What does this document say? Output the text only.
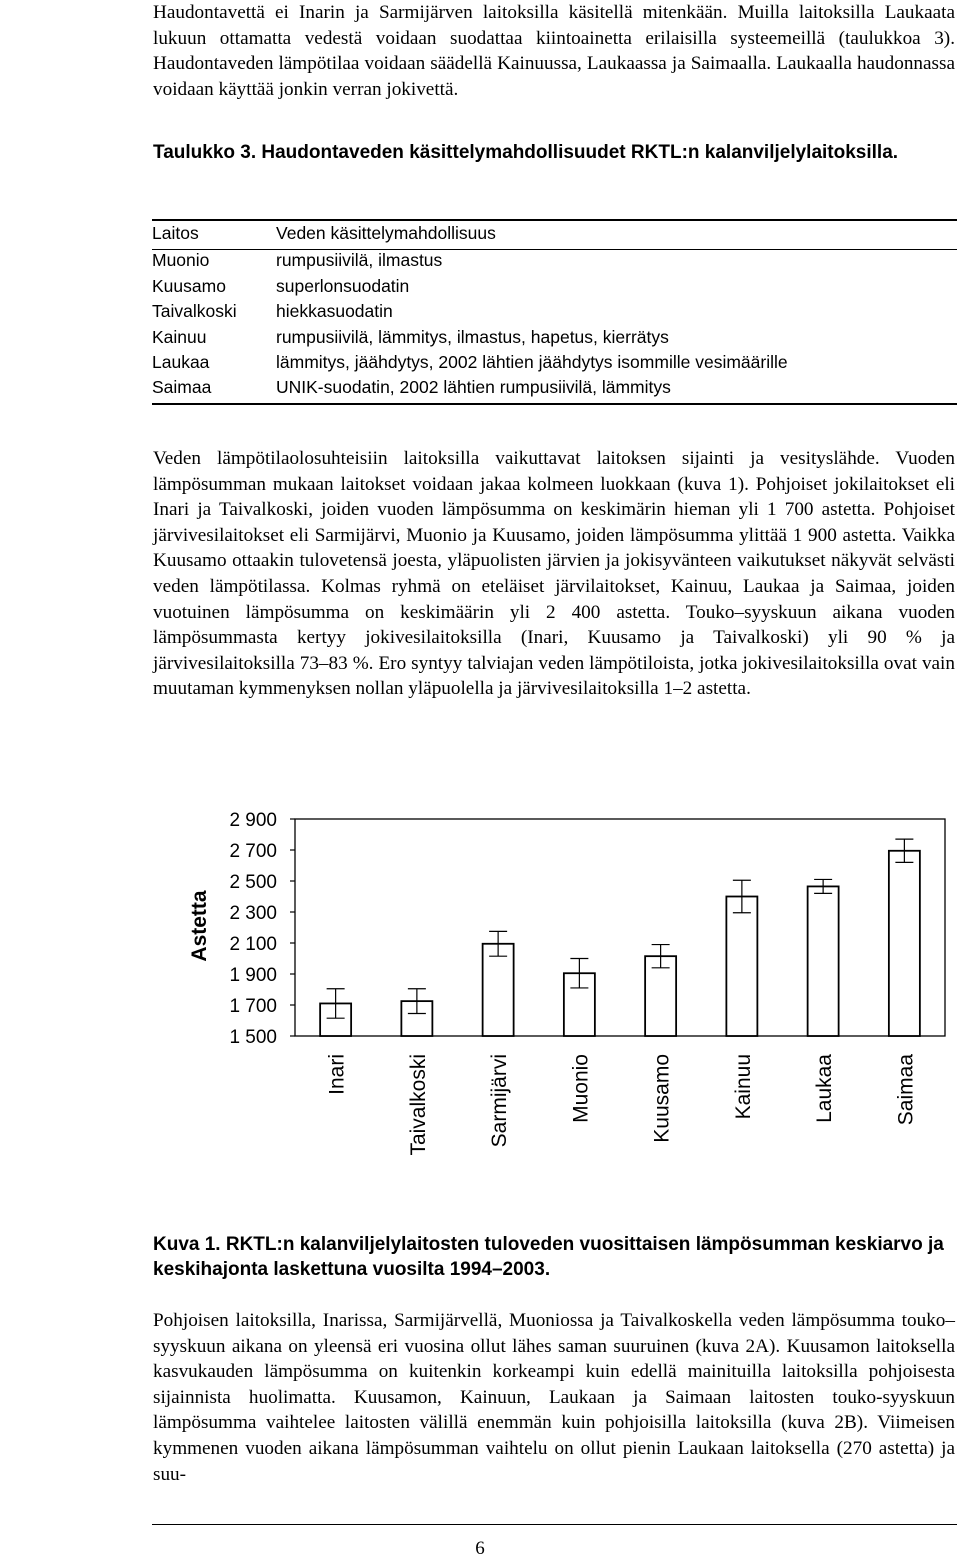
Haudontavettä ei Inarin ja Sarmijärven laitoksilla käsitellä mitenkään. Muilla laitoksilla Laukaata lukuun ottamatta vedestä voidaan suodattaa kiintoainetta erilaisilla systeemeillä (taulukkoa 3). Haudontaveden lämpötilaa voidaan säädellä Kainuussa, Laukaassa ja Saimaalla. Laukaalla haudonnassa voidaan käyttää jonkin verran jokivettä.

Taulukko 3. Haudontaveden käsittelymahdollisuudet RKTL:n kalanviljelylaitoksilla.

Laitos	Veden käsittelymahdollisuus
Muonio	rumpusiivilä, ilmastus
Kuusamo	superlonsuodatin
Taivalkoski	hiekkasuodatin
Kainuu	rumpusiivilä, lämmitys, ilmastus, hapetus, kierrätys
Laukaa	lämmitys, jäähdytys, 2002 lähtien jäähdytys isommille vesimäärille
Saimaa	UNIK-suodatin, 2002 lähtien rumpusiivilä, lämmitys

Veden lämpötilaolosuhteisiin laitoksilla vaikuttavat laitoksen sijainti ja vesityslähde. Vuoden lämpösumman mukaan laitokset voidaan jakaa kolmeen luokkaan (kuva 1). Pohjoiset jokilaitokset eli Inari ja Taivalkoski, joiden vuoden lämpösumma on keskimärin hieman yli 1 700 astetta. Pohjoiset järvivesilaitokset eli Sarmijärvi, Muonio ja Kuusamo, joiden lämpösumma ylittää 1 900 astetta. Vaikka Kuusamo ottaakin tulovetensä joesta, yläpuolisten järvien ja jokisyvänteen vaikutukset näkyvät selvästi veden lämpötilassa. Kolmas ryhmä on eteläiset järvilaitokset, Kainuu, Laukaa ja Saimaa, joiden vuotuinen lämpösumma on keskimäärin yli 2 400 astetta. Touko–syyskuun aikana vuoden lämpösummasta kertyy jokivesilaitoksilla (Inari, Kuusamo ja Taivalkoski) yli 90 % ja järvivesilaitoksilla 73–83 %. Ero syntyy talviajan veden lämpötiloista, jotka jokivesilaitoksilla ovat vain muutaman kymmenyksen nollan yläpuolella ja järvivesilaitoksilla 1–2 astetta.

Astetta
1 500
1 700
1 900
2 100
2 300
2 500
2 700
2 900
Inari	Taivalkoski	Sarmijärvi	Muonio	Kuusamo	Kainuu	Laukaa	Saimaa

Kuva 1. RKTL:n kalanviljelylaitosten tuloveden vuosittaisen lämpösumman keskiarvo ja keskihajonta laskettuna vuosilta 1994–2003.

Pohjoisen laitoksilla, Inarissa, Sarmijärvellä, Muoniossa ja Taivalkoskella veden lämpösumma touko–syyskuun aikana on yleensä eri vuosina ollut lähes saman suuruinen (kuva 2A). Kuusamon laitoksella kasvukauden lämpösumma on kuitenkin korkeampi kuin edellä mainituilla laitoksilla pohjoisesta sijainnista huolimatta. Kuusamon, Kainuun, Laukaan ja Saimaan laitosten touko-syyskuun lämpösumma vaihtelee laitosten välillä enemmän kuin pohjoisilla laitoksilla (kuva 2B). Viimeisen kymmenen vuoden aikana lämpösumman vaihtelu on ollut pienin Laukaan laitoksella (270 astetta) ja suu-

6
